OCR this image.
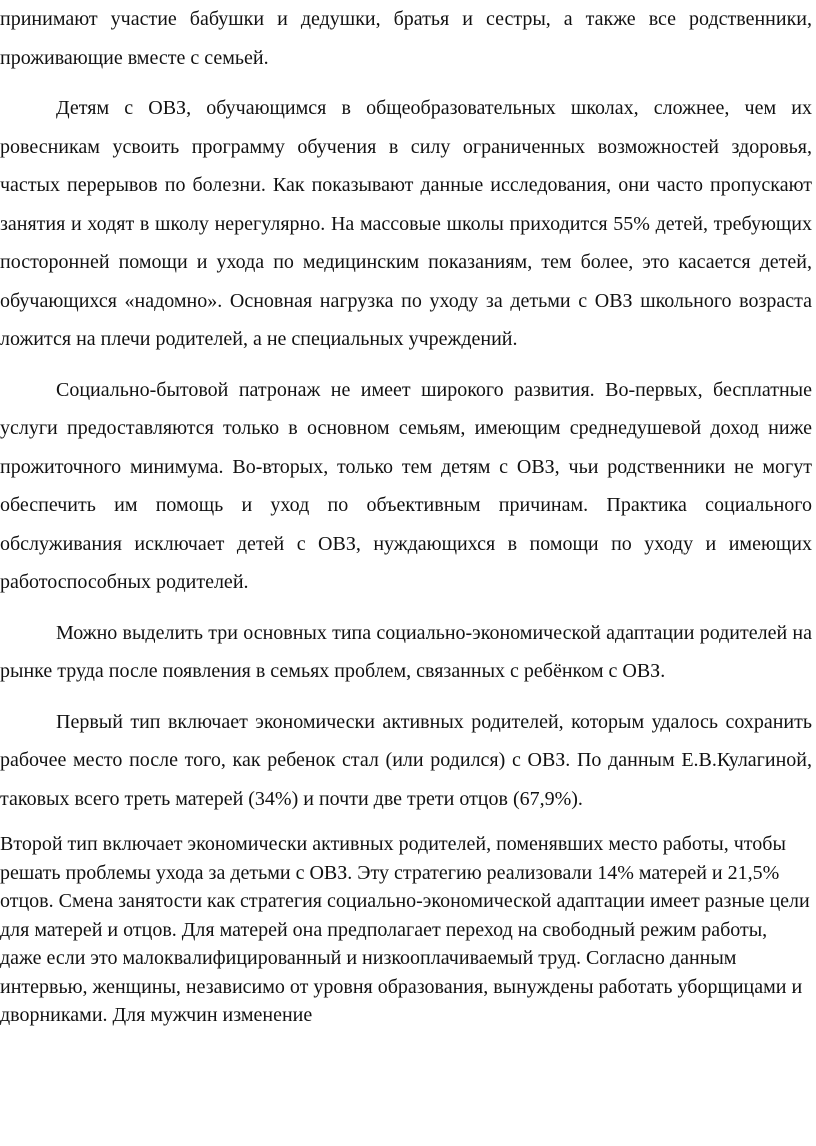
принимают участие бабушки и дедушки, братья и сестры, а также все родственники, проживающие вместе с семьей.

Детям с ОВЗ, обучающимся в общеобразовательных школах, сложнее, чем их ровесникам усвоить программу обучения в силу ограниченных возможностей здоровья, частых перерывов по болезни. Как показывают данные исследования, они часто пропускают занятия и ходят в школу нерегулярно. На массовые школы приходится 55% детей, требующих посторонней помощи и ухода по медицинским показаниям, тем более, это касается детей, обучающихся «надомно». Основная нагрузка по уходу за детьми с ОВЗ школьного возраста ложится на плечи родителей, а не специальных учреждений.

Социально-бытовой патронаж не имеет широкого развития. Во-первых, бесплатные услуги предоставляются только в основном семьям, имеющим среднедушевой доход ниже прожиточного минимума. Во-вторых, только тем детям с ОВЗ, чьи родственники не могут обеспечить им помощь и уход по объективным причинам. Практика социального обслуживания исключает детей с ОВЗ, нуждающихся в помощи по уходу и имеющих работоспособных родителей.

Можно выделить три основных типа социально-экономической адаптации родителей на рынке труда после появления в семьях проблем, связанных с ребёнком с ОВЗ.

Первый тип включает экономически активных родителей, которым удалось сохранить рабочее место после того, как ребенок стал (или родился) с ОВЗ. По данным Е.В.Кулагиной, таковых всего треть матерей (34%) и почти две трети отцов (67,9%).

Второй тип включает экономически активных родителей, поменявших место работы, чтобы решать проблемы ухода за детьми с ОВЗ. Эту стратегию реализовали 14% матерей и 21,5% отцов. Смена занятости как стратегия социально-экономической адаптации имеет разные цели для матерей и отцов. Для матерей она предполагает переход на свободный режим работы, даже если это малоквалифицированный и низкооплачиваемый труд. Согласно данным интервью, женщины, независимо от уровня образования, вынуждены работать уборщицами и дворниками. Для мужчин изменение
